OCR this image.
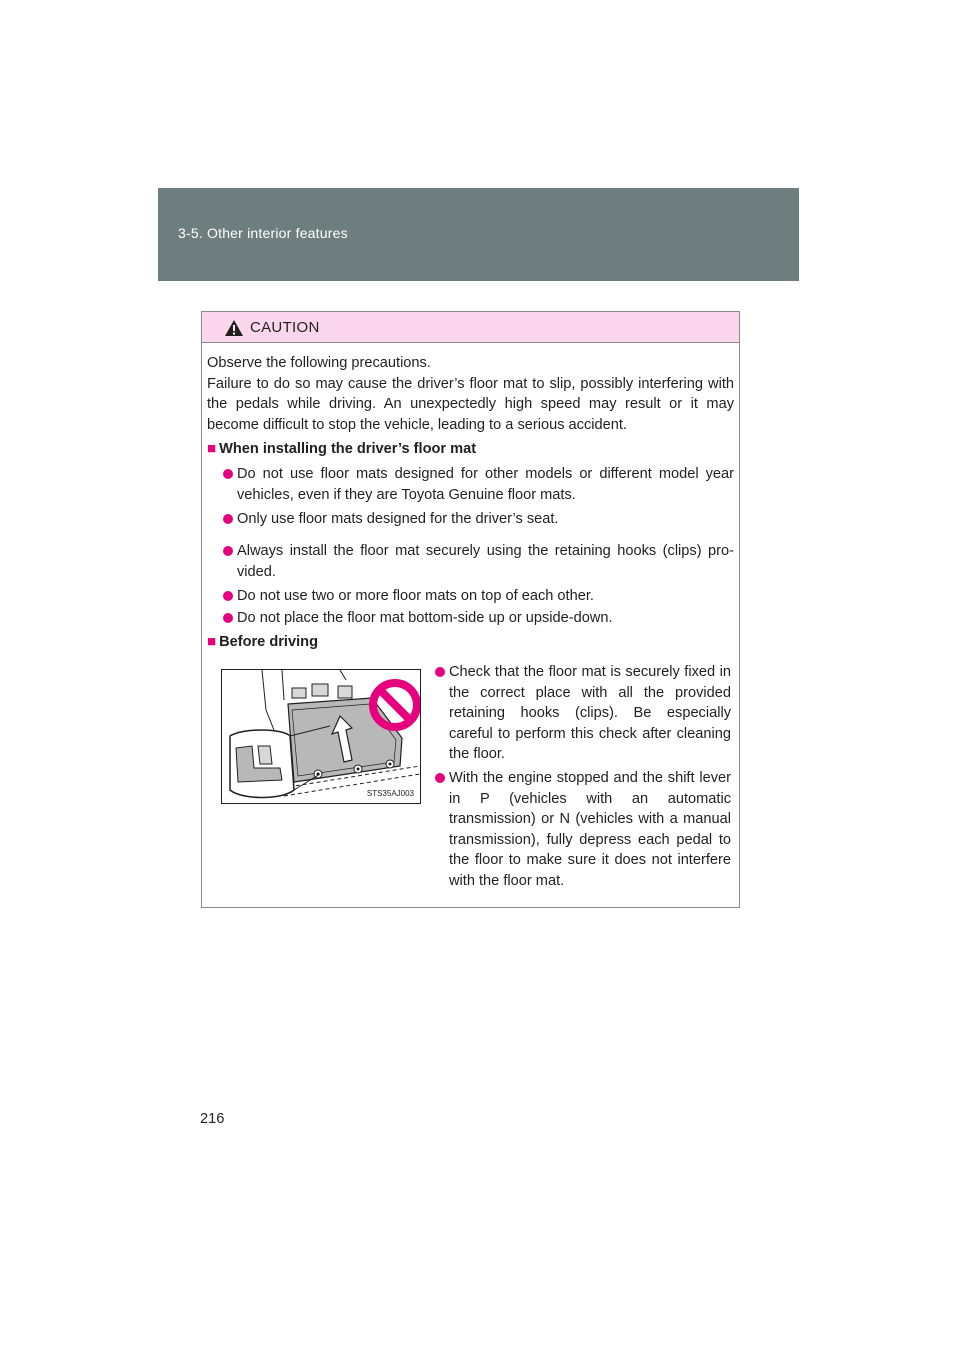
3-5. Other interior features
CAUTION
Observe the following precautions.
Failure to do so may cause the driver’s floor mat to slip, possibly interfering with the pedals while driving. An unexpectedly high speed may result or it may become difficult to stop the vehicle, leading to a serious accident.
■ When installing the driver’s floor mat
Do not use floor mats designed for other models or different model year vehicles, even if they are Toyota Genuine floor mats.
Only use floor mats designed for the driver’s seat.
Always install the floor mat securely using the retaining hooks (clips) pro-vided.
Do not use two or more floor mats on top of each other.
Do not place the floor mat bottom-side up or upside-down.
■ Before driving
STS35AJ003
Check that the floor mat is securely fixed in the correct place with all the provided retaining hooks (clips). Be especially careful to perform this check after cleaning the floor.
With the engine stopped and the shift lever in P (vehicles with an automatic transmission) or N (vehicles with a manual transmission), fully depress each pedal to the floor to make sure it does not interfere with the floor mat.
216
